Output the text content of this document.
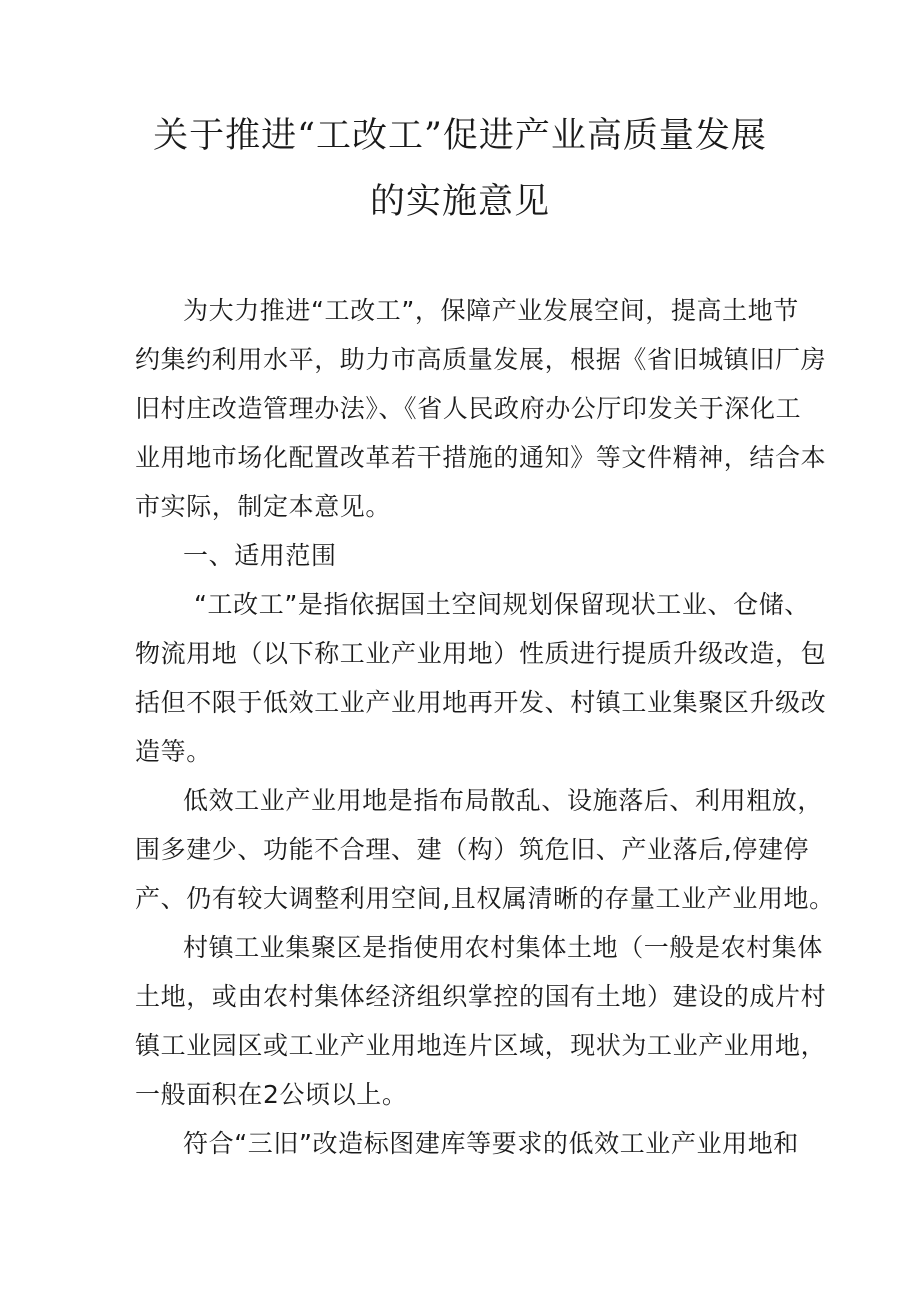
关于推进“工改工”促进产业高质量发展
的实施意见
为大力推进“工改工”，保障产业发展空间，提高土地节
约集约利用水平，助力市高质量发展，根据《省旧城镇旧厂房
旧村庄改造管理办法》、《省人民政府办公厅印发关于深化工
业用地市场化配置改革若干措施的通知》等文件精神，结合本
市实际，制定本意见。
一、适用范围
“工改工”是指依据国土空间规划保留现状工业、仓储、
物流用地（以下称工业产业用地）性质进行提质升级改造，包
括但不限于低效工业产业用地再开发、村镇工业集聚区升级改
造等。
低效工业产业用地是指布局散乱、设施落后、利用粗放，
围多建少、功能不合理、建（构）筑危旧、产业落后,停建停
产、仍有较大调整利用空间,且权属清晰的存量工业产业用地。
村镇工业集聚区是指使用农村集体土地（一般是农村集体
土地，或由农村集体经济组织掌控的国有土地）建设的成片村
镇工业园区或工业产业用地连片区域，现状为工业产业用地，
一般面积在2公顷以上。
符合“三旧”改造标图建库等要求的低效工业产业用地和
